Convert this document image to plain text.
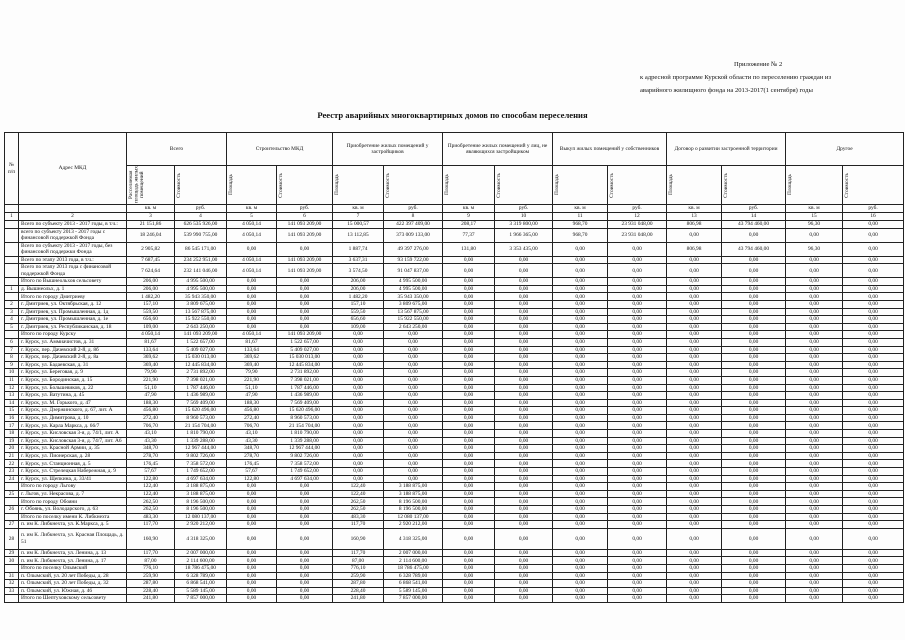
Приложение № 2
к адресной программе Курской области по переселению граждан из
аварийного жилищного фонда на 2013-2017(1 сентября) годы
Реестр аварийных многоквартирных домов по способам переселения
№ п/п	Адрес МКД	Всего		Строительство МКД		Приобретение жилых помещений у застройщиков		Приобретение жилых помещений у лиц, не являющихся застройщиком		Выкуп жилых помещений у собственников		Договор о развитии застроенной территории		Другое	

		Расселяемая площадь жилых помещений	Стоимость	Площадь	Стоимость	Площадь	Стоимость	Площадь	Стоимость	Площадь	Стоимость	Площадь	Стоимость	Площадь	Стоимость

		кв. м	руб.	кв. м	руб.	кв. м	руб.	кв. м	руб.	кв. м	руб.	кв. м	руб.	кв. м	руб.
1	2	3	4	5	6	7	8	9	10	11	12	13	14	15	16
	Всего по субъекту 2013 - 2017 годы, в т.ч.:	21 151,86	626 535 926,00	4 050,14	141 093 209,00	15 000,57	422 397 409,00	208,17	3 319 800,00	968,70	23 931 048,00	806,98	43 794 460,00	96,30	0,00
	всего по субъекту 2013 - 2017 годы с финансовой поддержкой Фонда	18 246,04	539 990 755,00	4 050,14	141 093 209,00	13 112,85	373 009 133,00	77,37	1 966 365,00	968,70	23 931 048,00	0,00	0,00	0,00	0,00
	Всего по субъекту 2013 - 2017 годы, без финансовой поддержки Фонда	2 905,82	86 545 171,00	0,00	0,00	1 887,74	49 397 276,00	131,80	3 353 435,00	0,00	0,00	806,98	43 794 460,00	96,30	0,00
	Всего по этапу 2013 года, в т.ч.:	7 687,45	234 252 951,00	4 050,14	141 093 209,00	3 637,31	93 159 722,00	0,00	0,00	0,00	0,00	0,00	0,00	0,00	0,00
	Всего по этапу 2013 года с финансовой поддержкой Фонда	7 624,64	232 141 046,00	4 050,14	141 093 209,00	3 574,50	91 047 837,00	0,00	0,00	0,00	0,00	0,00	0,00	0,00	0,00
	Итого по Вышнеольхов сельсовету	206,00	4 995 500,00	0,00	0,00	206,00	4 995 500,00	0,00	0,00	0,00	0,00	0,00	0,00	0,00	0,00
1	д. Вышнеольх, д. 1	206,00	4 995 500,00	0,00	0,00	206,00	4 995 500,00	0,00	0,00	0,00	0,00	0,00	0,00	0,00	0,00
	Итого по городу Дмитриеву	1 482,20	35 943 350,00	0,00	0,00	1 482,20	35 943 350,00	0,00	0,00	0,00	0,00	0,00	0,00	0,00	0,00
2	г. Дмитриев, ул. Октябрьская, д. 12	157,10	3 809 675,00	0,00	0,00	157,10	3 809 675,00	0,00	0,00	0,00	0,00	0,00	0,00	0,00	0,00
3	г. Дмитриев, ул. Промышленная, д. 1д	559,50	13 567 875,00	0,00	0,00	559,50	13 567 875,00	0,00	0,00	0,00	0,00	0,00	0,00	0,00	0,00
4	г. Дмитриев, ул. Промышленная, д. 1е	656,60	15 922 550,00	0,00	0,00	656,60	15 922 550,00	0,00	0,00	0,00	0,00	0,00	0,00	0,00	0,00
5	г. Дмитриев, ул. Республиканская, д. 18	109,00	2 643 250,00	0,00	0,00	109,00	2 643 250,00	0,00	0,00	0,00	0,00	0,00	0,00	0,00	0,00
	Итого по городу Курску	4 050,14	141 093 209,00	4 050,14	141 093 209,00	0,00	0,00	0,00	0,00	0,00	0,00	0,00	0,00	0,00	0,00
6	г. Курск, ул. Аммиачистов, д. 31	81,67	1 522 657,00	81,67	1 522 657,00	0,00	0,00	0,00	0,00	0,00	0,00	0,00	0,00	0,00	0,00
7	г. Курск, пер. Дачевский 2-й, д. 8б	133,64	5 409 027,00	133,64	5 409 027,00	0,00	0,00	0,00	0,00	0,00	0,00	0,00	0,00	0,00	0,00
8	г. Курск, пер. Дачевский 2-й, д. 8а	369,62	15 030 013,00	369,62	15 030 013,00	0,00	0,00	0,00	0,00	0,00	0,00	0,00	0,00	0,00	0,00
9	г. Курск, ул. Бадаевская, д. 31	369,40	12 445 834,00	369,40	12 445 834,00	0,00	0,00	0,00	0,00	0,00	0,00	0,00	0,00	0,00	0,00
10	г. Курск, ул. Береговая, д. 9	79,90	2 731 892,00	79,90	2 731 892,00	0,00	0,00	0,00	0,00	0,00	0,00	0,00	0,00	0,00	0,00
11	г. Курск, ул. Бородинская, д. 15	221,90	7 398 021,00	221,90	7 398 021,00	0,00	0,00	0,00	0,00	0,00	0,00	0,00	0,00	0,00	0,00
12	г. Курск, ул. Большевиков, д. 22	51,10	1 787 446,00	51,10	1 787 446,00	0,00	0,00	0,00	0,00	0,00	0,00	0,00	0,00	0,00	0,00
13	г. Курск, ул. Ватутина, д. 45	47,90	1 436 989,00	47,90	1 436 989,00	0,00	0,00	0,00	0,00	0,00	0,00	0,00	0,00	0,00	0,00
14	г. Курск, ул. М. Горького, д. 47	188,30	7 569 409,00	188,30	7 569 409,00	0,00	0,00	0,00	0,00	0,00	0,00	0,00	0,00	0,00	0,00
15	г. Курск, ул. Дзержинского, д. 67, лит. А	456,80	15 620 496,00	456,80	15 620 496,00	0,00	0,00	0,00	0,00	0,00	0,00	0,00	0,00	0,00	0,00
16	г. Курск, ул. Димитрова, д. 10	272,40	8 960 573,00	272,40	8 960 573,00	0,00	0,00	0,00	0,00	0,00	0,00	0,00	0,00	0,00	0,00
17	г. Курск, ул. Карла Маркса, д. 66/7	706,70	21 154 704,00	706,70	21 154 704,00	0,00	0,00	0,00	0,00	0,00	0,00	0,00	0,00	0,00	0,00
18	г. Курск, ул. Кисловская 3-я, д. 74/1, лит. А	43,10	1 810 790,00	43,10	1 810 790,00	0,00	0,00	0,00	0,00	0,00	0,00	0,00	0,00	0,00	0,00
19	г. Курск, ул. Кисловская 3-я, д. 74/7, лит. А6	43,30	1 339 288,00	43,30	1 339 288,00	0,00	0,00	0,00	0,00	0,00	0,00	0,00	0,00	0,00	0,00
20	г. Курск, ул. Красной Армии, д. 35	348,70	12 967 444,00	348,70	12 967 444,00	0,00	0,00	0,00	0,00	0,00	0,00	0,00	0,00	0,00	0,00
21	г. Курск, ул. Пионерская, д. 28	278,70	9 802 726,00	278,70	9 802 726,00	0,00	0,00	0,00	0,00	0,00	0,00	0,00	0,00	0,00	0,00
22	г. Курск, ул. Станционная, д. 5	176,45	7 358 572,00	176,45	7 358 572,00	0,00	0,00	0,00	0,00	0,00	0,00	0,00	0,00	0,00	0,00
23	г. Курск, ул. Стрелецкая Набережная, д. 9	57,67	1 749 652,00	57,67	1 749 652,00	0,00	0,00	0,00	0,00	0,00	0,00	0,00	0,00	0,00	0,00
24	г. Курск, ул. Щепкина, д. 33/41	122,80	4 697 634,00	122,80	4 697 634,00	0,00	0,00	0,00	0,00	0,00	0,00	0,00	0,00	0,00	0,00
	Итого по городу Льгову	122,40	3 188 875,00	0,00	0,00	122,40	3 188 875,00	0,00	0,00	0,00	0,00	0,00	0,00	0,00	0,00
25	г. Льгов, ул. Некрасова, д. 7	122,40	3 188 875,00	0,00	0,00	122,40	3 188 875,00	0,00	0,00	0,00	0,00	0,00	0,00	0,00	0,00
	Итого по городу Обояни	262,50	8 196 500,00	0,00	0,00	262,50	8 196 500,00	0,00	0,00	0,00	0,00	0,00	0,00	0,00	0,00
26	г. Обоянь, ул. Володарского, д. 63	262,50	8 196 500,00	0,00	0,00	262,50	8 196 500,00	0,00	0,00	0,00	0,00	0,00	0,00	0,00	0,00
	Итого по поселку имени К. Либкнехта	483,30	12 080 137,00	0,00	0,00	483,30	12 080 137,00	0,00	0,00	0,00	0,00	0,00	0,00	0,00	0,00
27	п. им К. Либкнехта, ул. К.Маркса, д. 5	117,70	2 920 212,00	0,00	0,00	117,70	2 920 212,00	0,00	0,00	0,00	0,00	0,00	0,00	0,00	0,00
28	п. им К. Либкнехта, ул. Красная Площадь, д. 51	160,90	4 318 325,00	0,00	0,00	160,90	4 318 325,00	0,00	0,00	0,00	0,00	0,00	0,00	0,00	0,00
29	п. им К. Либкнехта, ул. Ленина, д. 13	117,70	2 007 000,00	0,00	0,00	117,70	2 007 000,00	0,00	0,00	0,00	0,00	0,00	0,00	0,00	0,00
30	п. им К. Либкнехта, ул. Ленина, д. 17	87,00	2 114 600,00	0,00	0,00	87,00	2 114 600,00	0,00	0,00	0,00	0,00	0,00	0,00	0,00	0,00
	Итого по поселку Олымский	776,10	18 786 475,00	0,00	0,00	776,10	18 786 475,00	0,00	0,00	0,00	0,00	0,00	0,00	0,00	0,00
31	п. Олымский, ул. 20 лет Победы, д. 28	259,90	6 328 789,00	0,00	0,00	259,90	6 328 789,00	0,00	0,00	0,00	0,00	0,00	0,00	0,00	0,00
32	п. Олымский, ул. 20 лет Победы, д. 32	287,80	6 868 541,00	0,00	0,00	287,80	6 868 541,00	0,00	0,00	0,00	0,00	0,00	0,00	0,00	0,00
33	п. Олымский, ул. Южная, д. 46	228,40	5 589 145,00	0,00	0,00	228,40	5 589 145,00	0,00	0,00	0,00	0,00	0,00	0,00	0,00	0,00
	Итого по Шептуховскому сельсовету	241,80	7 857 000,00	0,00	0,00	241,80	7 857 000,00	0,00	0,00	0,00	0,00	0,00	0,00	0,00	0,00
